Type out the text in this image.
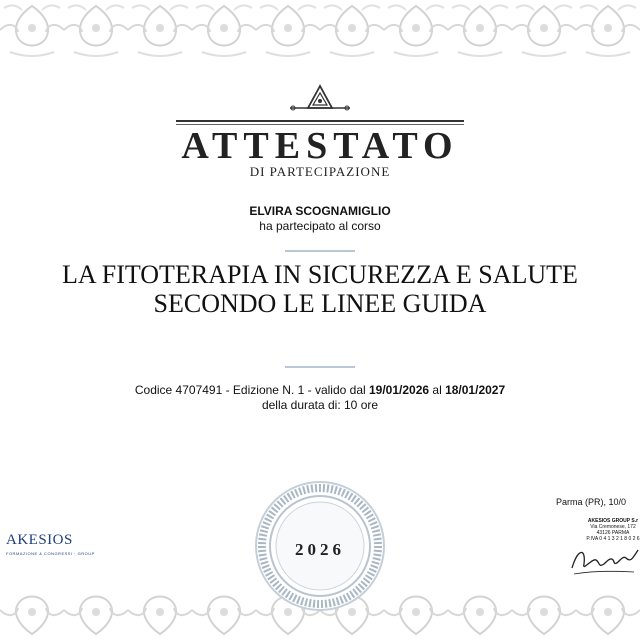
ATTESTATO
DI PARTECIPAZIONE
ELVIRA SCOGNAMIGLIO
ha partecipato al corso
LA FITOTERAPIA IN SICUREZZA E SALUTE
SECONDO LE LINEE GUIDA
Codice 4707491 - Edizione N. 1 - valido dal 19/01/2026 al 18/01/2027
della durata di: 10 ore
2026
AKESIOS
FORMAZIONE & CONGRESSI · GROUP
Parma (PR), 10/0
AKESIOS GROUP S.r
Via Cremonese, 172
43126 PARMA
P.IVA 0 4 1 3 2 1 8 0 2 6
